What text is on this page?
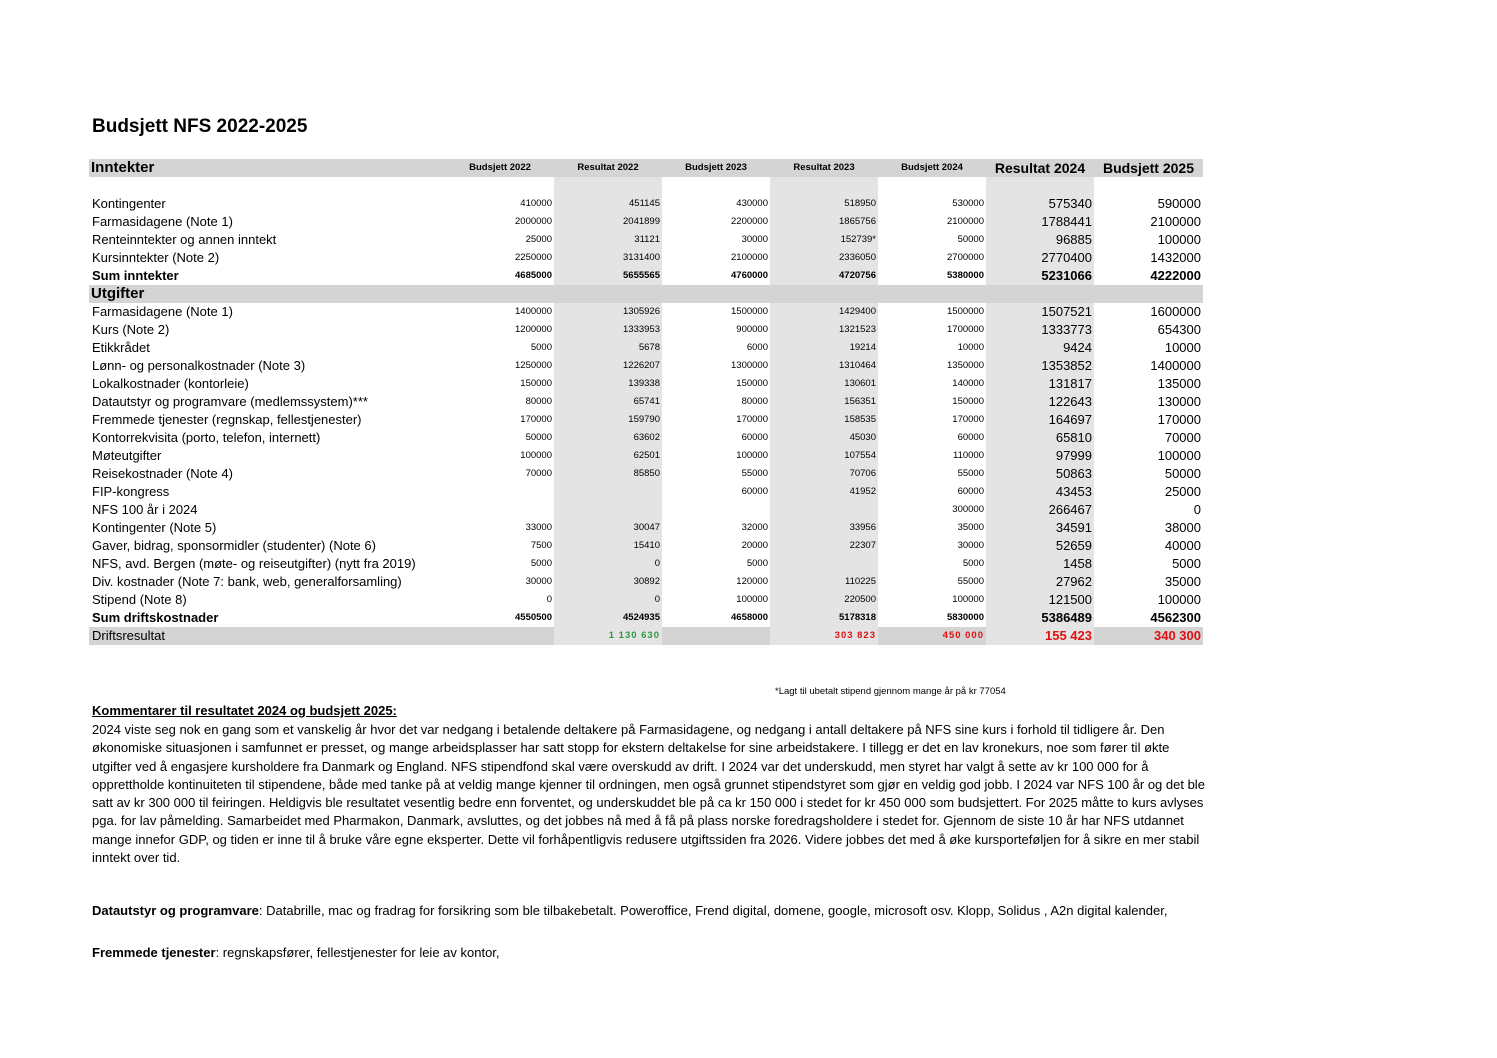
Budsjett NFS 2022-2025
Inntekter	Budsjett 2022	Resultat 2022	Budsjett 2023	Resultat 2023	Budsjett 2024	Resultat 2024	Budsjett 2025

Kontingenter	410000	451145	430000	518950	530000	575340	590000
Farmasidagene (Note 1)	2000000	2041899	2200000	1865756	2100000	1788441	2100000
Renteinntekter og annen inntekt	25000	31121	30000	152739*	50000	96885	100000
Kursinntekter (Note 2)	2250000	3131400	2100000	2336050	2700000	2770400	1432000
Sum inntekter	4685000	5655565	4760000	4720756	5380000	5231066	4222000
Utgifter							
Farmasidagene (Note 1)	1400000	1305926	1500000	1429400	1500000	1507521	1600000
Kurs (Note 2)	1200000	1333953	900000	1321523	1700000	1333773	654300
Etikkrådet	5000	5678	6000	19214	10000	9424	10000
Lønn- og personalkostnader (Note 3)	1250000	1226207	1300000	1310464	1350000	1353852	1400000
Lokalkostnader (kontorleie)	150000	139338	150000	130601	140000	131817	135000
Datautstyr og programvare (medlemssystem)***	80000	65741	80000	156351	150000	122643	130000
Fremmede tjenester (regnskap, fellestjenester)	170000	159790	170000	158535	170000	164697	170000
Kontorrekvisita (porto, telefon, internett)	50000	63602	60000	45030	60000	65810	70000
Møteutgifter	100000	62501	100000	107554	110000	97999	100000
Reisekostnader (Note 4)	70000	85850	55000	70706	55000	50863	50000
FIP-kongress			60000	41952	60000	43453	25000
NFS 100 år i 2024					300000	266467	0
Kontingenter (Note 5)	33000	30047	32000	33956	35000	34591	38000
Gaver, bidrag, sponsormidler (studenter) (Note 6)	7500	15410	20000	22307	30000	52659	40000
NFS, avd. Bergen (møte- og reiseutgifter) (nytt fra 2019)	5000	0	5000		5000	1458	5000
Div. kostnader (Note 7: bank, web, generalforsamling)	30000	30892	120000	110225	55000	27962	35000
Stipend (Note 8)	0	0	100000	220500	100000	121500	100000
Sum driftskostnader	4550500	4524935	4658000	5178318	5830000	5386489	4562300
Driftsresultat		1 130 630		303 823	450 000	155 423	340 300
*Lagt til ubetalt stipend gjennom mange år på kr 77054
Kommentarer til resultatet 2024 og budsjett 2025:
2024 viste seg nok en gang som et vanskelig år hvor det var nedgang i betalende deltakere på Farmasidagene, og nedgang i antall deltakere på NFS sine kurs i forhold til tidligere år. Den økonomiske situasjonen i samfunnet er presset, og mange arbeidsplasser har satt stopp for ekstern deltakelse for sine arbeidstakere. I tillegg er det en lav kronekurs, noe som fører til økte utgifter ved å engasjere kursholdere fra Danmark og England. NFS stipendfond skal være overskudd av drift. I 2024 var det underskudd, men styret har valgt å sette av kr 100 000 for å opprettholde kontinuiteten til stipendene, både med tanke på at veldig mange kjenner til ordningen, men også grunnet stipendstyret som gjør en veldig god jobb. I 2024 var NFS 100 år og det ble satt av kr 300 000 til feiringen. Heldigvis ble resultatet vesentlig bedre enn forventet, og underskuddet ble på ca kr 150 000 i stedet for kr 450 000 som budsjettert. For 2025 måtte to kurs avlyses pga. for lav påmelding. Samarbeidet med Pharmakon, Danmark, avsluttes, og det jobbes nå med å få på plass norske foredragsholdere i stedet for. Gjennom de siste 10 år har NFS utdannet mange innefor GDP, og tiden er inne til å bruke våre egne eksperter. Dette vil forhåpentligvis redusere utgiftssiden fra 2026. Videre jobbes det med å øke kursporteføljen for å sikre en mer stabil inntekt over tid.
Datautstyr og programvare: Databrille, mac og fradrag for forsikring som ble tilbakebetalt. Poweroffice, Frend digital, domene, google, microsoft osv. Klopp, Solidus , A2n digital kalender,
Fremmede tjenester: regnskapsfører, fellestjenester for leie av kontor,
